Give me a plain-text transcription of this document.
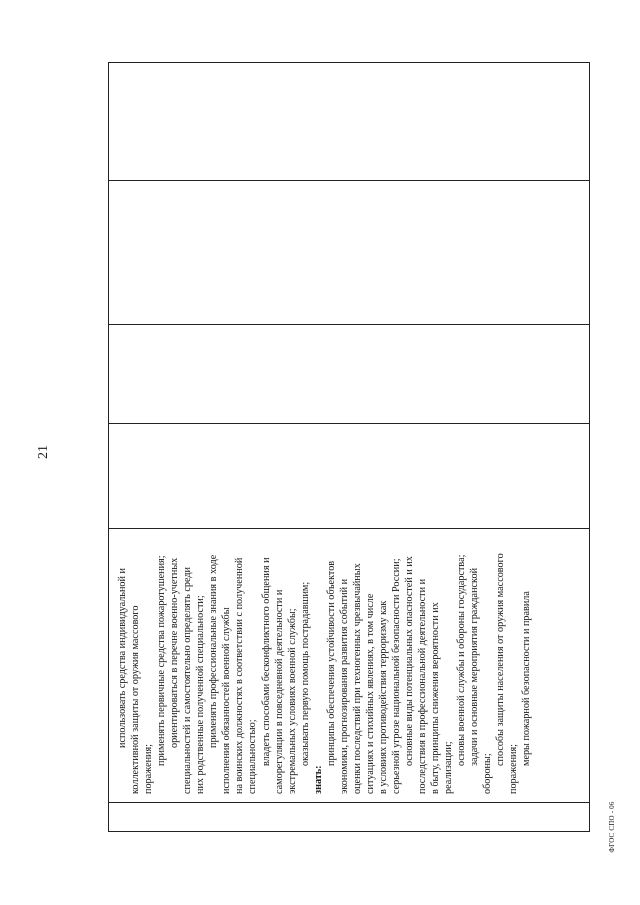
21

использовать средства индивидуальной и коллективной защиты от оружия массового поражения;

применять первичные средства пожаротушения; ориентироваться в перечне военно-учетных специальностей и самостоятельно определять среди них родственные полученной специальности; применять профессиональные знания в ходе исполнения обязанностей военной службы на воинских должностях в соответствии с полученной специальностью; владеть способами бесконфликтного общения и саморегуляции в повседневной деятельности и экстремальных условиях военной службы; оказывать первую помощь пострадавшим;

знать:

принципы обеспечения устойчивости объектов экономики, прогнозирования развития событий и оценки последствий при техногенных чрезвычайных ситуациях и стихийных явлениях, в том числе в условиях противодействия терроризму как серьезной угрозе национальной безопасности России; основные виды потенциальных опасностей и их последствия в профессиональной деятельности и в быту, принципы снижения вероятности их реализации;

основы военной службы и обороны государства; задачи и основные мероприятия гражданской

обороны;

способы защиты населения от оружия массового

поражения;

меры пожарной безопасности и правила

ФГОС СПО - 06
